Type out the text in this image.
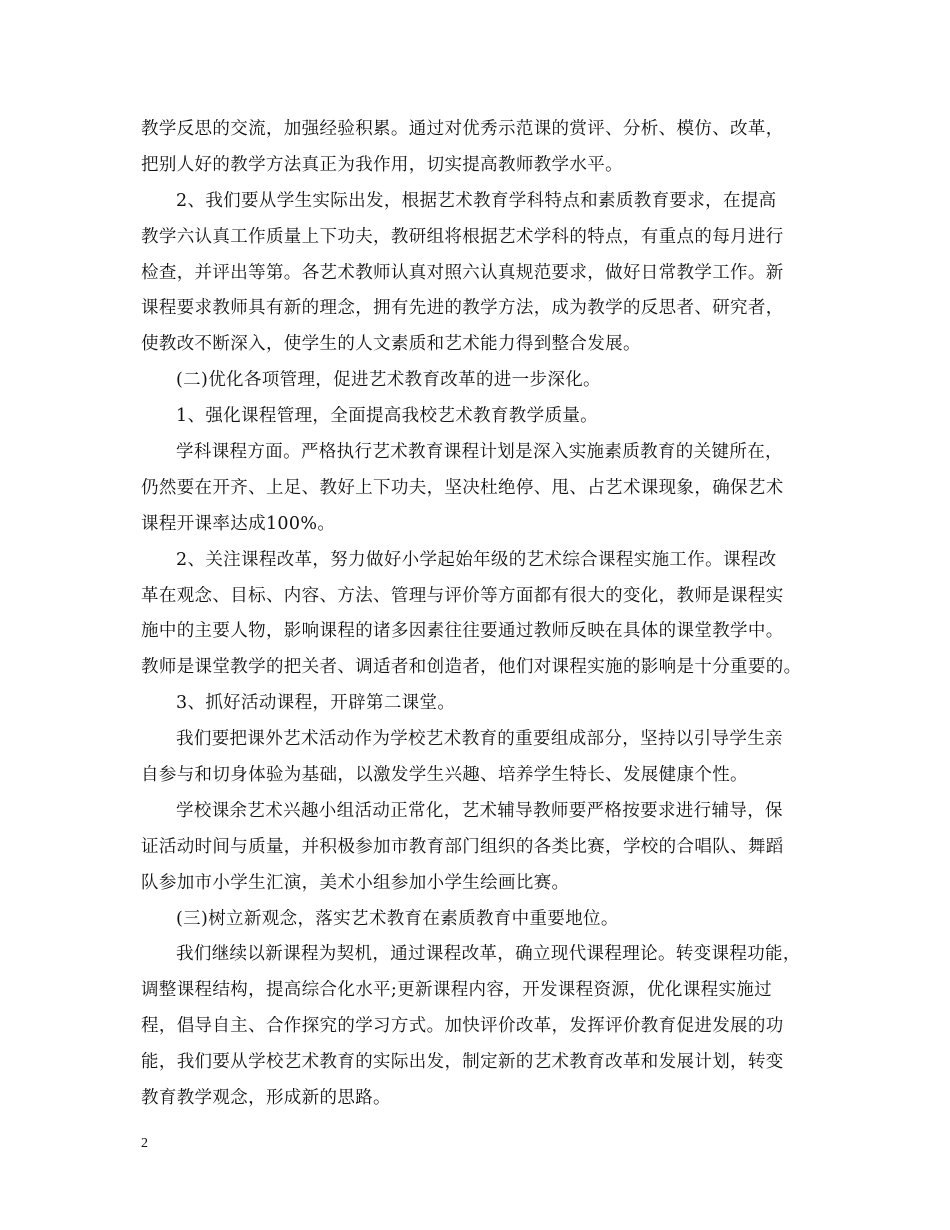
教学反思的交流，加强经验积累。通过对优秀示范课的赏评、分析、模仿、改革，
把别人好的教学方法真正为我作用，切实提高教师教学水平。
2、我们要从学生实际出发，根据艺术教育学科特点和素质教育要求，在提高
教学六认真工作质量上下功夫，教研组将根据艺术学科的特点，有重点的每月进行
检查，并评出等第。各艺术教师认真对照六认真规范要求，做好日常教学工作。新
课程要求教师具有新的理念，拥有先进的教学方法，成为教学的反思者、研究者，
使教改不断深入，使学生的人文素质和艺术能力得到整合发展。
(二)优化各项管理，促进艺术教育改革的进一步深化。
1、强化课程管理，全面提高我校艺术教育教学质量。
学科课程方面。严格执行艺术教育课程计划是深入实施素质教育的关键所在，
仍然要在开齐、上足、教好上下功夫，坚决杜绝停、甩、占艺术课现象，确保艺术
课程开课率达成100%。
2、关注课程改革，努力做好小学起始年级的艺术综合课程实施工作。课程改
革在观念、目标、内容、方法、管理与评价等方面都有很大的变化，教师是课程实
施中的主要人物，影响课程的诸多因素往往要通过教师反映在具体的课堂教学中。
教师是课堂教学的把关者、调适者和创造者，他们对课程实施的影响是十分重要的。
3、抓好活动课程，开辟第二课堂。
我们要把课外艺术活动作为学校艺术教育的重要组成部分，坚持以引导学生亲
自参与和切身体验为基础，以激发学生兴趣、培养学生特长、发展健康个性。
学校课余艺术兴趣小组活动正常化，艺术辅导教师要严格按要求进行辅导，保
证活动时间与质量，并积极参加市教育部门组织的各类比赛，学校的合唱队、舞蹈
队参加市小学生汇演，美术小组参加小学生绘画比赛。
(三)树立新观念，落实艺术教育在素质教育中重要地位。
我们继续以新课程为契机，通过课程改革，确立现代课程理论。转变课程功能，
调整课程结构，提高综合化水平;更新课程内容，开发课程资源，优化课程实施过
程，倡导自主、合作探究的学习方式。加快评价改革，发挥评价教育促进发展的功
能，我们要从学校艺术教育的实际出发，制定新的艺术教育改革和发展计划，转变
教育教学观念，形成新的思路。
2
